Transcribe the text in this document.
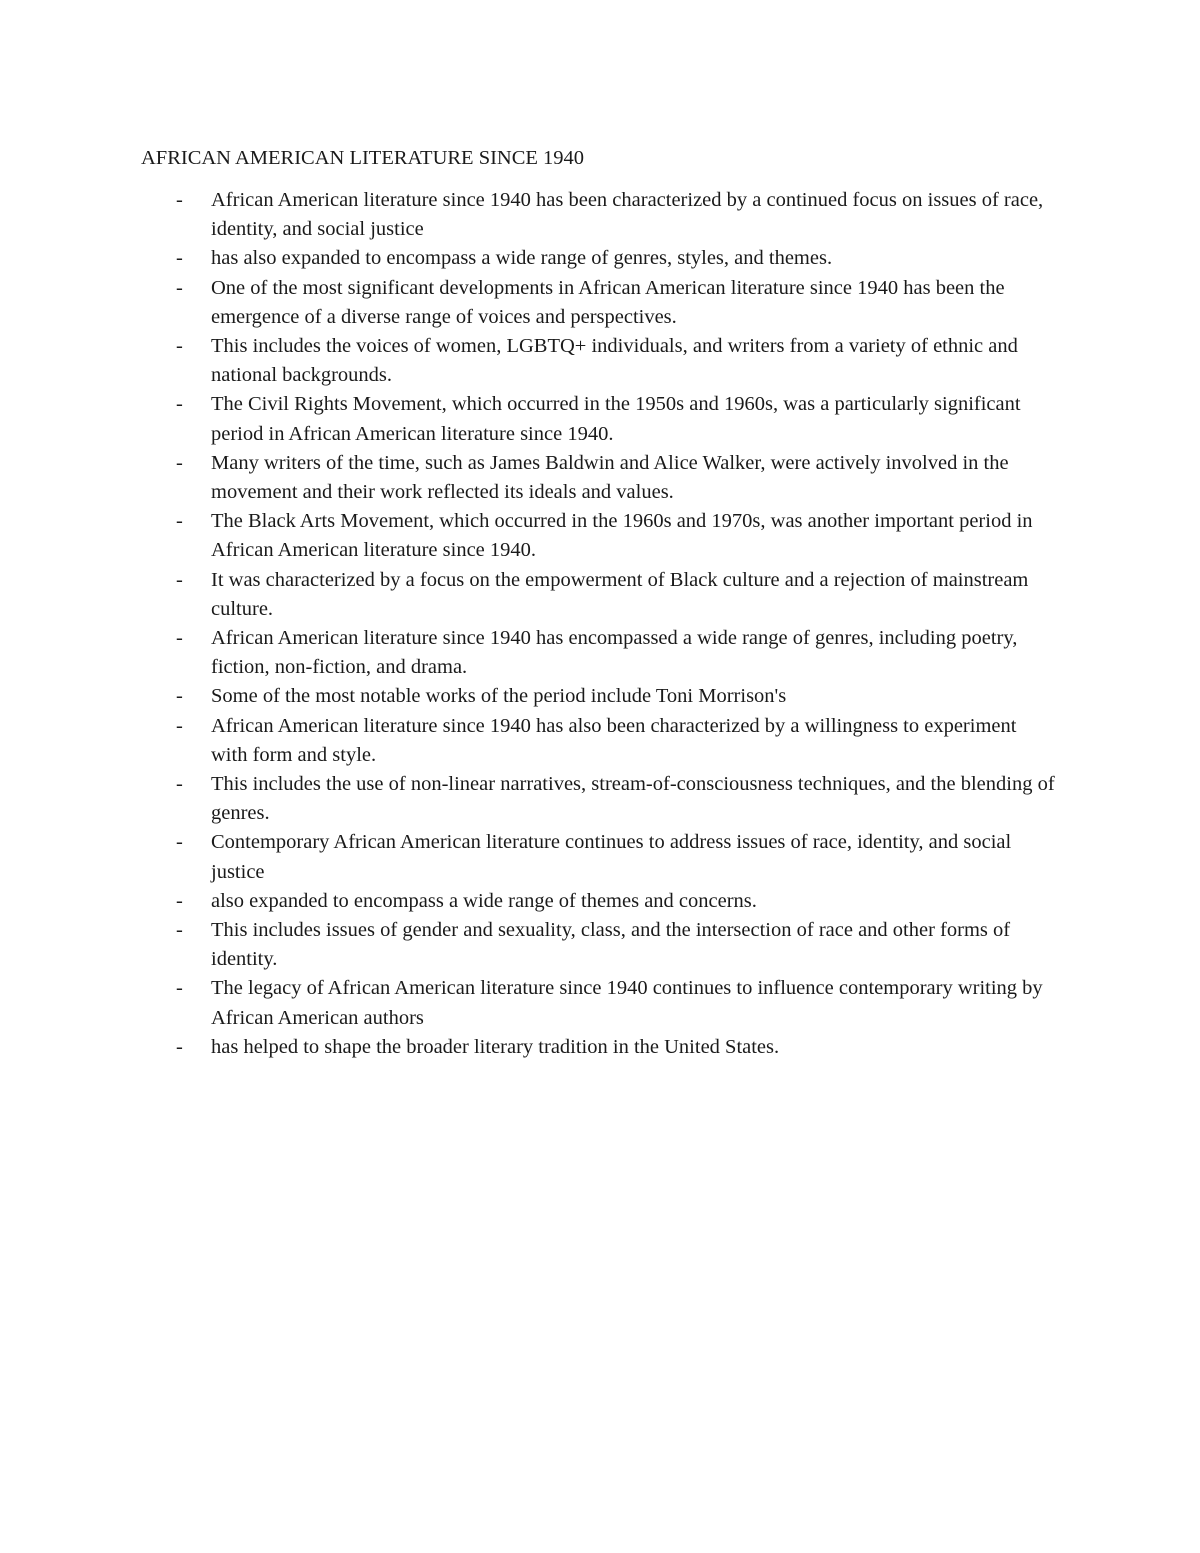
AFRICAN AMERICAN LITERATURE SINCE 1940
-	African American literature since 1940 has been characterized by a continued focus on issues of race, identity, and social justice
-	has also expanded to encompass a wide range of genres, styles, and themes.
-	One of the most significant developments in African American literature since 1940 has been the emergence of a diverse range of voices and perspectives.
-	This includes the voices of women, LGBTQ+ individuals, and writers from a variety of ethnic and national backgrounds.
-	The Civil Rights Movement, which occurred in the 1950s and 1960s, was a particularly significant period in African American literature since 1940.
-	Many writers of the time, such as James Baldwin and Alice Walker, were actively involved in the movement and their work reflected its ideals and values.
-	The Black Arts Movement, which occurred in the 1960s and 1970s, was another important period in African American literature since 1940.
-	It was characterized by a focus on the empowerment of Black culture and a rejection of mainstream culture.
-	African American literature since 1940 has encompassed a wide range of genres, including poetry, fiction, non-fiction, and drama.
-	Some of the most notable works of the period include Toni Morrison's
-	African American literature since 1940 has also been characterized by a willingness to experiment with form and style.
-	This includes the use of non-linear narratives, stream-of-consciousness techniques, and the blending of genres.
-	Contemporary African American literature continues to address issues of race, identity, and social justice
-	also expanded to encompass a wide range of themes and concerns.
-	This includes issues of gender and sexuality, class, and the intersection of race and other forms of identity.
-	The legacy of African American literature since 1940 continues to influence contemporary writing by African American authors
-	has helped to shape the broader literary tradition in the United States.
